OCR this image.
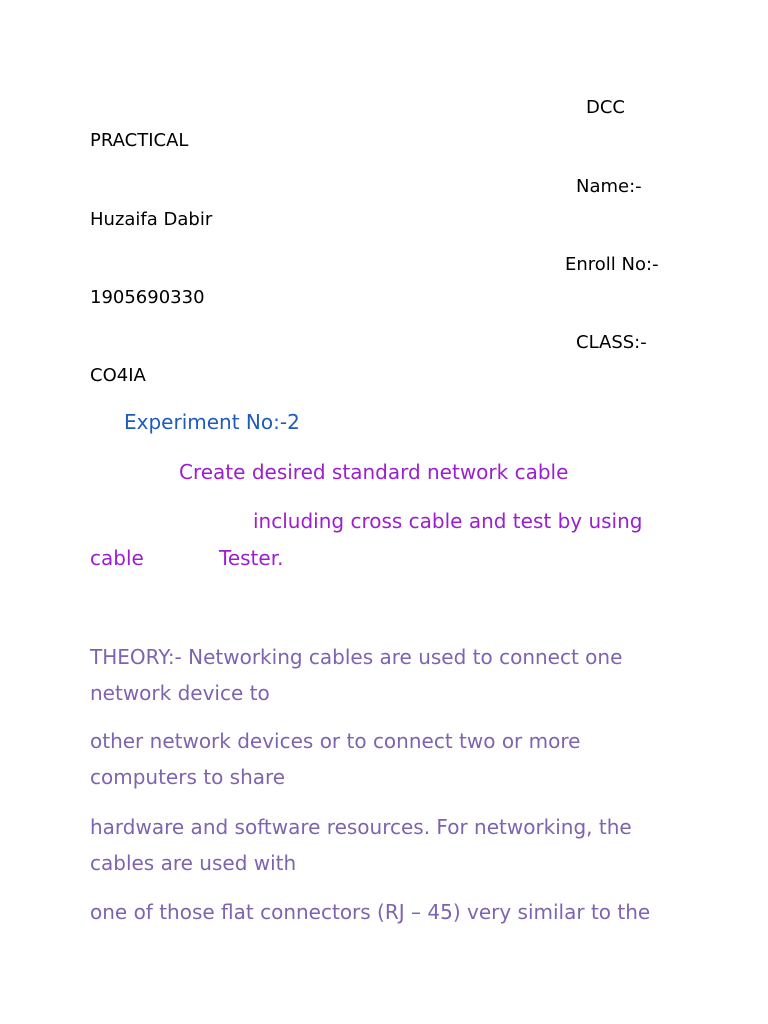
DCC
PRACTICAL
Name:-
Huzaifa Dabir
Enroll No:-
1905690330
CLASS:-
CO4IA
Experiment No:-2
Create desired standard network cable
including cross cable and test by using
cable	Tester.
THEORY:- Networking cables are used to connect one
network device to
other network devices or to connect two or more
computers to share
hardware and software resources. For networking, the
cables are used with
one of those flat connectors (RJ – 45) very similar to the
